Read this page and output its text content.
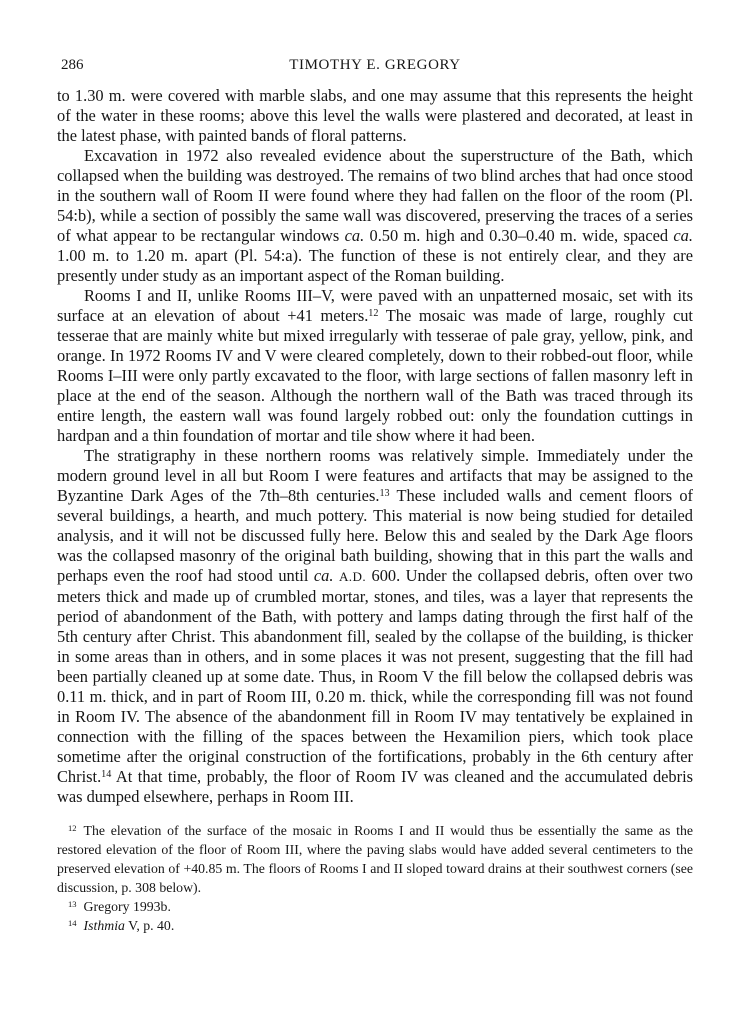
286	TIMOTHY E. GREGORY

to 1.30 m. were covered with marble slabs, and one may assume that this represents the height of the water in these rooms; above this level the walls were plastered and decorated, at least in the latest phase, with painted bands of floral patterns.

Excavation in 1972 also revealed evidence about the superstructure of the Bath, which collapsed when the building was destroyed. The remains of two blind arches that had once stood in the southern wall of Room II were found where they had fallen on the floor of the room (Pl. 54:b), while a section of possibly the same wall was discovered, preserving the traces of a series of what appear to be rectangular windows ca. 0.50 m. high and 0.30–0.40 m. wide, spaced ca. 1.00 m. to 1.20 m. apart (Pl. 54:a). The function of these is not entirely clear, and they are presently under study as an important aspect of the Roman building.

Rooms I and II, unlike Rooms III–V, were paved with an unpatterned mosaic, set with its surface at an elevation of about +41 meters.$^{12}$ The mosaic was made of large, roughly cut tesserae that are mainly white but mixed irregularly with tesserae of pale gray, yellow, pink, and orange. In 1972 Rooms IV and V were cleared completely, down to their robbed-out floor, while Rooms I–III were only partly excavated to the floor, with large sections of fallen masonry left in place at the end of the season. Although the northern wall of the Bath was traced through its entire length, the eastern wall was found largely robbed out: only the foundation cuttings in hardpan and a thin foundation of mortar and tile show where it had been.

The stratigraphy in these northern rooms was relatively simple. Immediately under the modern ground level in all but Room I were features and artifacts that may be assigned to the Byzantine Dark Ages of the 7th–8th centuries.$^{13}$ These included walls and cement floors of several buildings, a hearth, and much pottery. This material is now being studied for detailed analysis, and it will not be discussed fully here. Below this and sealed by the Dark Age floors was the collapsed masonry of the original bath building, showing that in this part the walls and perhaps even the roof had stood until ca. A.D. 600. Under the collapsed debris, often over two meters thick and made up of crumbled mortar, stones, and tiles, was a layer that represents the period of abandonment of the Bath, with pottery and lamps dating through the first half of the 5th century after Christ. This abandonment fill, sealed by the collapse of the building, is thicker in some areas than in others, and in some places it was not present, suggesting that the fill had been partially cleaned up at some date. Thus, in Room V the fill below the collapsed debris was 0.11 m. thick, and in part of Room III, 0.20 m. thick, while the corresponding fill was not found in Room IV. The absence of the abandonment fill in Room IV may tentatively be explained in connection with the filling of the spaces between the Hexamilion piers, which took place sometime after the original construction of the fortifications, probably in the 6th century after Christ.$^{14}$ At that time, probably, the floor of Room IV was cleaned and the accumulated debris was dumped elsewhere, perhaps in Room III.

$^{12}$ The elevation of the surface of the mosaic in Rooms I and II would thus be essentially the same as the restored elevation of the floor of Room III, where the paving slabs would have added several centimeters to the preserved elevation of +40.85 m. The floors of Rooms I and II sloped toward drains at their southwest corners (see discussion, p. 308 below).

$^{13}$ Gregory 1993b.

$^{14}$ Isthmia V, p. 40.
